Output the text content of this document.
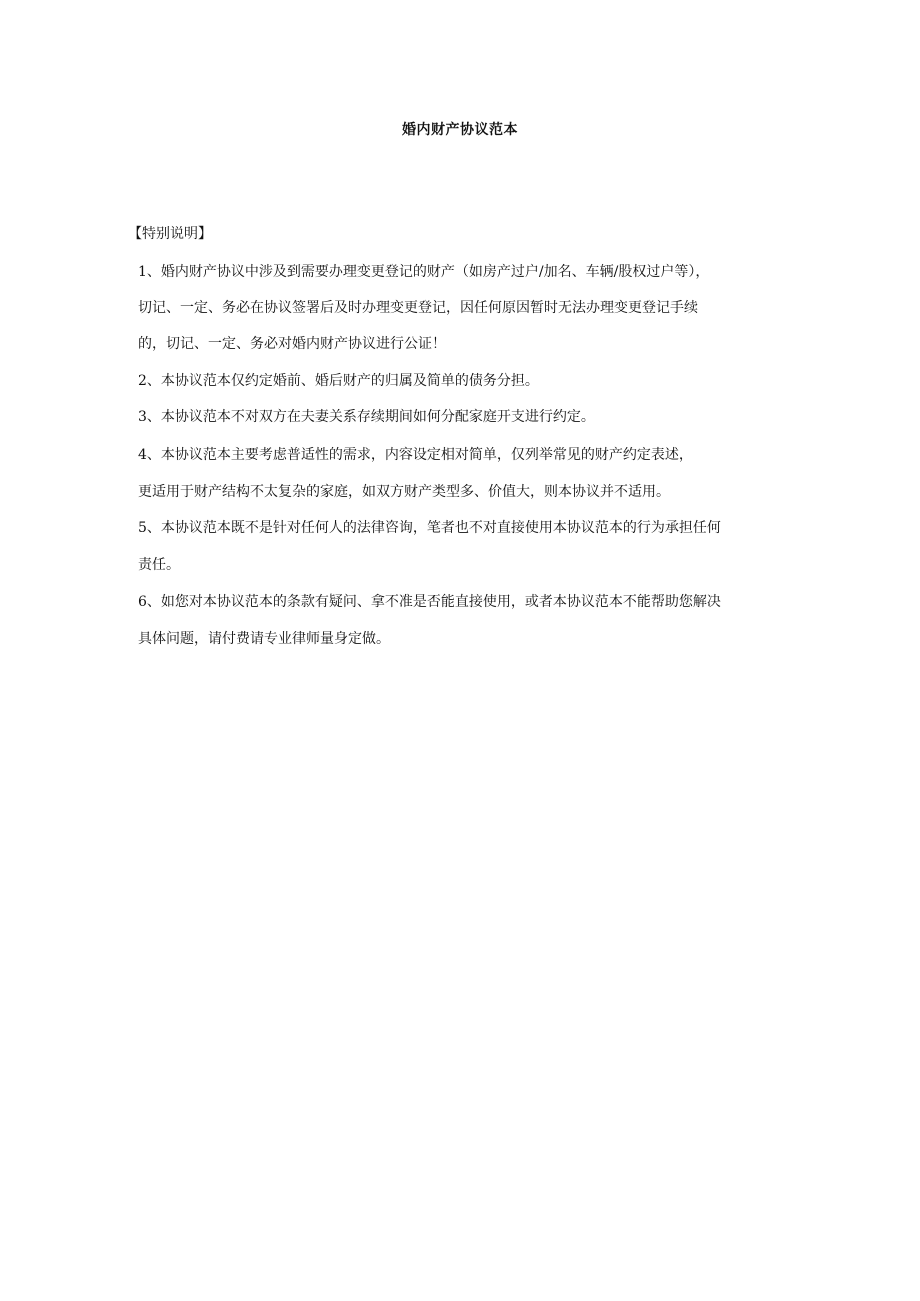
婚内财产协议范本
【特别说明】
1、婚内财产协议中涉及到需要办理变更登记的财产（如房产过户/加名、车辆/股权过户等），
切记、一定、务必在协议签署后及时办理变更登记，因任何原因暂时无法办理变更登记手续
的，切记、一定、务必对婚内财产协议进行公证！
2、本协议范本仅约定婚前、婚后财产的归属及简单的债务分担。
3、本协议范本不对双方在夫妻关系存续期间如何分配家庭开支进行约定。
4、本协议范本主要考虑普适性的需求，内容设定相对简单，仅列举常见的财产约定表述，
更适用于财产结构不太复杂的家庭，如双方财产类型多、价值大，则本协议并不适用。
5、本协议范本既不是针对任何人的法律咨询，笔者也不对直接使用本协议范本的行为承担任何
责任。
6、如您对本协议范本的条款有疑问、拿不准是否能直接使用，或者本协议范本不能帮助您解决
具体问题，请付费请专业律师量身定做。
